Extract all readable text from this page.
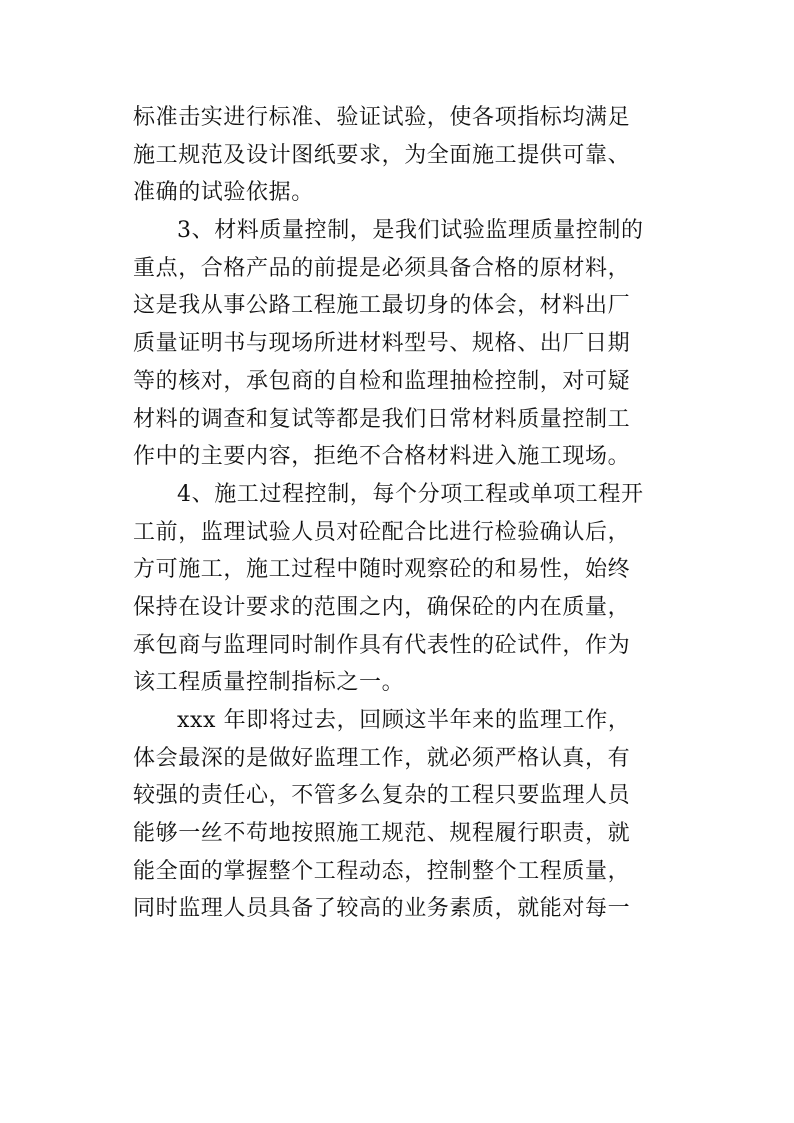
标准击实进行标准、验证试验，使各项指标均满足
施工规范及设计图纸要求，为全面施工提供可靠、
准确的试验依据。
3、材料质量控制，是我们试验监理质量控制的
重点，合格产品的前提是必须具备合格的原材料，
这是我从事公路工程施工最切身的体会，材料出厂
质量证明书与现场所进材料型号、规格、出厂日期
等的核对，承包商的自检和监理抽检控制，对可疑
材料的调查和复试等都是我们日常材料质量控制工
作中的主要内容，拒绝不合格材料进入施工现场。
4、施工过程控制，每个分项工程或单项工程开
工前，监理试验人员对砼配合比进行检验确认后，
方可施工，施工过程中随时观察砼的和易性，始终
保持在设计要求的范围之内，确保砼的内在质量，
承包商与监理同时制作具有代表性的砼试件，作为
该工程质量控制指标之一。
xxx 年即将过去，回顾这半年来的监理工作，
体会最深的是做好监理工作，就必须严格认真，有
较强的责任心，不管多么复杂的工程只要监理人员
能够一丝不苟地按照施工规范、规程履行职责，就
能全面的掌握整个工程动态，控制整个工程质量，
同时监理人员具备了较高的业务素质，就能对每一
